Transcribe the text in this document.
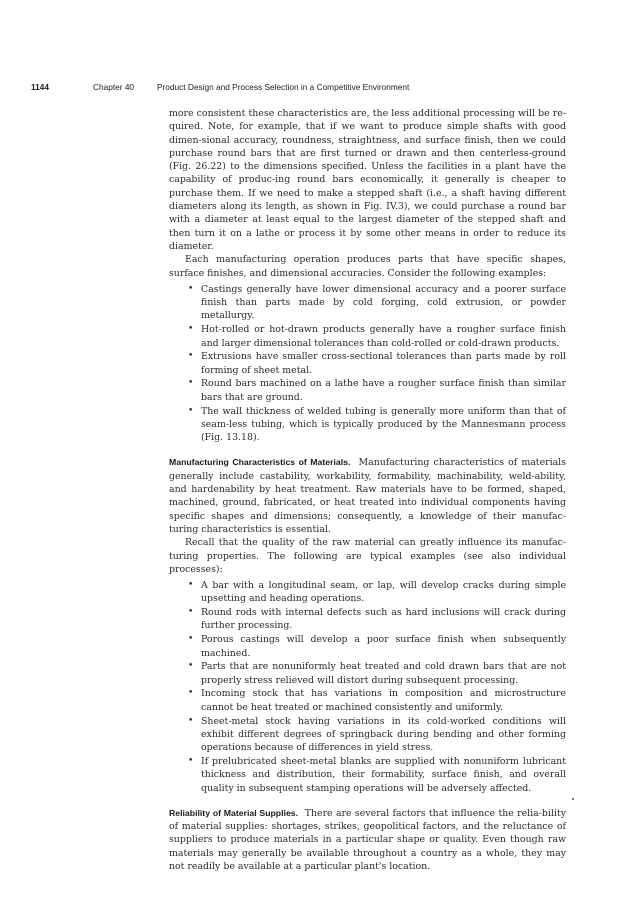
1144	Chapter 40	Product Design and Process Selection in a Competitive Environment

more consistent these characteristics are, the less additional processing will be re-quired. Note, for example, that if we want to produce simple shafts with good dimen-sional accuracy, roundness, straightness, and surface finish, then we could purchase round bars that are first turned or drawn and then centerless-ground (Fig. 26.22) to the dimensions specified. Unless the facilities in a plant have the capability of produc-ing round bars economically, it generally is cheaper to purchase them. If we need to make a stepped shaft (i.e., a shaft having different diameters along its length, as shown in Fig. IV.3), we could purchase a round bar with a diameter at least equal to the largest diameter of the stepped shaft and then turn it on a lathe or process it by some other means in order to reduce its diameter.

Each manufacturing operation produces parts that have specific shapes, surface finishes, and dimensional accuracies. Consider the following examples:

• Castings generally have lower dimensional accuracy and a poorer surface finish than parts made by cold forging, cold extrusion, or powder metallurgy.
• Hot-rolled or hot-drawn products generally have a rougher surface finish and larger dimensional tolerances than cold-rolled or cold-drawn products.
• Extrusions have smaller cross-sectional tolerances than parts made by roll forming of sheet metal.
• Round bars machined on a lathe have a rougher surface finish than similar bars that are ground.
• The wall thickness of welded tubing is generally more uniform than that of seam-less tubing, which is typically produced by the Mannesmann process (Fig. 13.18).

Manufacturing Characteristics of Materials. Manufacturing characteristics of materials generally include castability, workability, formability, machinability, weld-ability, and hardenability by heat treatment. Raw materials have to be formed, shaped, machined, ground, fabricated, or heat treated into individual components having specific shapes and dimensions; consequently, a knowledge of their manufac-turing characteristics is essential.

Recall that the quality of the raw material can greatly influence its manufac-turing properties. The following are typical examples (see also individual processes):

• A bar with a longitudinal seam, or lap, will develop cracks during simple upsetting and heading operations.
• Round rods with internal defects such as hard inclusions will crack during further processing.
• Porous castings will develop a poor surface finish when subsequently machined.
• Parts that are nonuniformly heat treated and cold drawn bars that are not properly stress relieved will distort during subsequent processing.
• Incoming stock that has variations in composition and microstructure cannot be heat treated or machined consistently and uniformly.
• Sheet-metal stock having variations in its cold-worked conditions will exhibit different degrees of springback during bending and other forming operations because of differences in yield stress.
• If prelubricated sheet-metal blanks are supplied with nonuniform lubricant thickness and distribution, their formability, surface finish, and overall quality in subsequent stamping operations will be adversely affected.

Reliability of Material Supplies. There are several factors that influence the relia-bility of material supplies: shortages, strikes, geopolitical factors, and the reluctance of suppliers to produce materials in a particular shape or quality. Even though raw materials may generally be available throughout a country as a whole, they may not readily be available at a particular plant's location.
